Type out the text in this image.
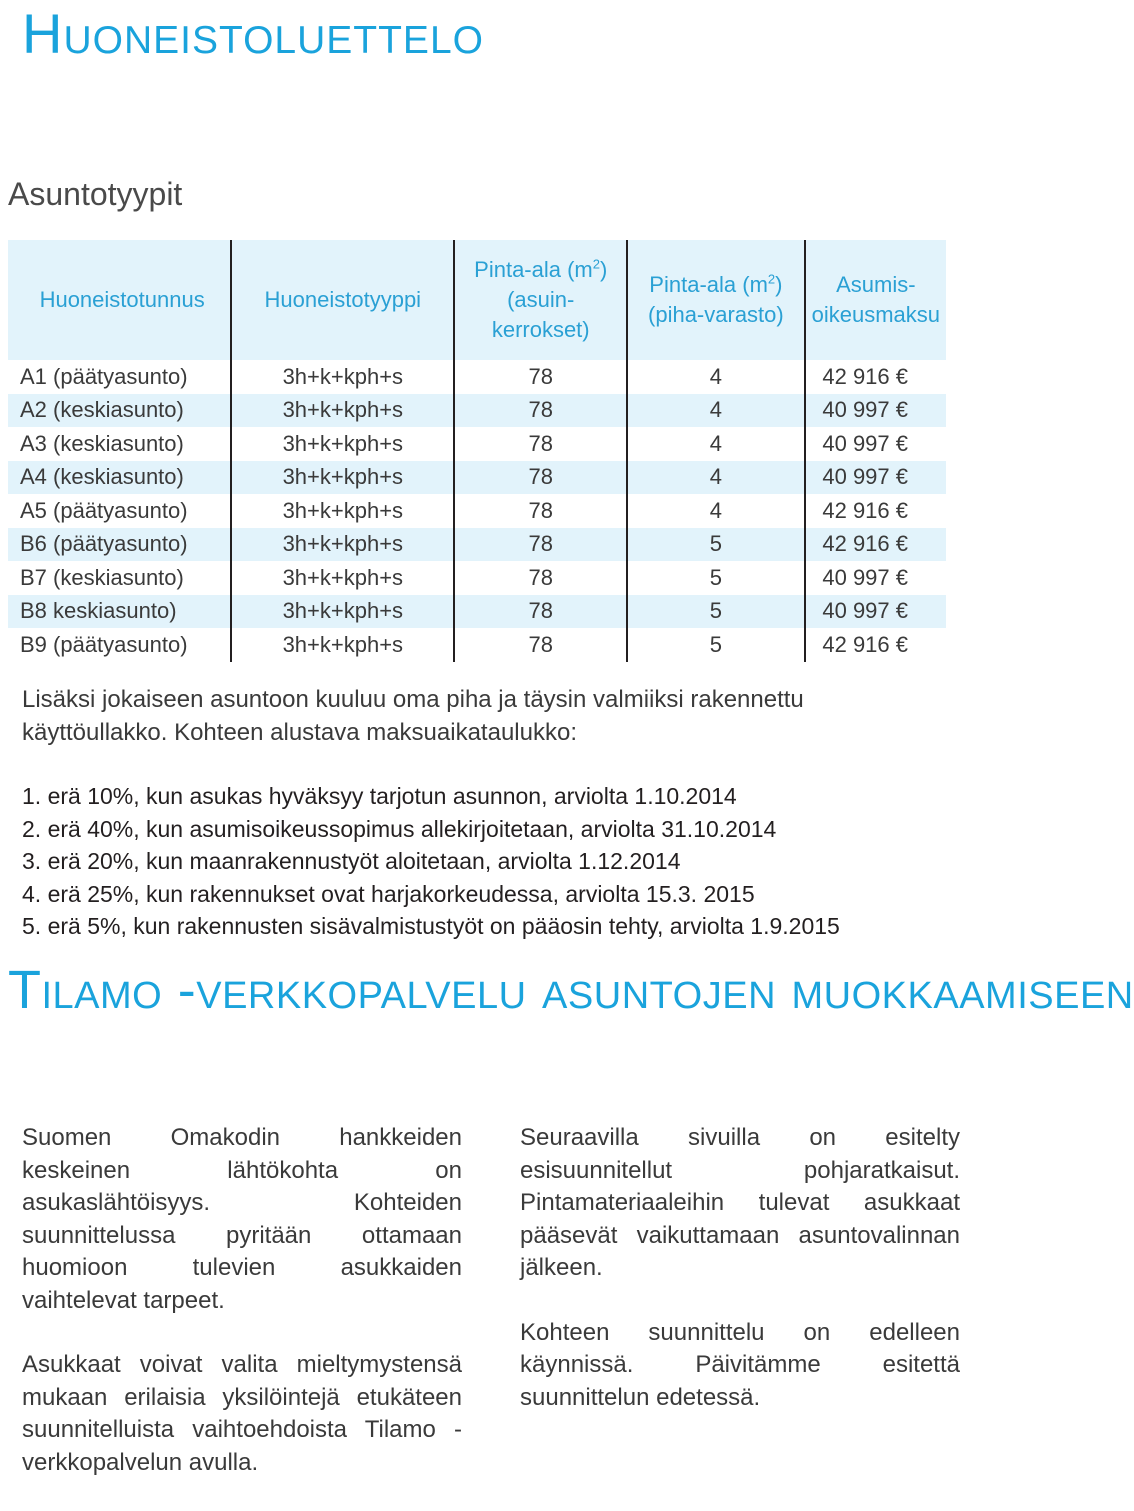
Huoneistoluettelo
Asuntotyypit
Huoneistotunnus	Huoneistotyyppi	Pinta-ala $(m^2)$ (asuin-kerrokset)	Pinta-ala $(m^2)$ (piha-varasto)	Asumis-oikeusmaksu
A1 (päätyasunto)	3h+k+kph+s	78	4	42 916 €
A2 (keskiasunto)	3h+k+kph+s	78	4	40 997 €
A3 (keskiasunto)	3h+k+kph+s	78	4	40 997 €
A4 (keskiasunto)	3h+k+kph+s	78	4	40 997 €
A5 (päätyasunto)	3h+k+kph+s	78	4	42 916 €
B6 (päätyasunto)	3h+k+kph+s	78	5	42 916 €
B7 (keskiasunto)	3h+k+kph+s	78	5	40 997 €
B8 keskiasunto)	3h+k+kph+s	78	5	40 997 €
B9 (päätyasunto)	3h+k+kph+s	78	5	42 916 €

Lisäksi jokaiseen asuntoon kuuluu oma piha ja täysin valmiiksi rakennettu käyttöullakko. Kohteen alustava maksuaikataulukko:

1. erä 10%, kun asukas hyväksyy tarjotun asunnon, arviolta 1.10.2014
2. erä 40%, kun asumisoikeussopimus allekirjoitetaan, arviolta 31.10.2014
3. erä 20%, kun maanrakennustyöt aloitetaan, arviolta 1.12.2014
4. erä 25%, kun rakennukset ovat harjakorkeudessa, arviolta 15.3. 2015
5. erä 5%, kun rakennusten sisävalmistustyöt on pääosin tehty, arviolta 1.9.2015
Tilamo -verkkopalvelu asuntojen muokkaamiseen

Suomen Omakodin hankkeiden keskeinen lähtökohta on asukaslähtöisyys. Kohteiden suunnittelussa pyritään ottamaan huomioon tulevien asukkaiden vaihtelevat tarpeet.

Asukkaat voivat valita mieltymystensä mukaan erilaisia yksilöintejä etukäteen suunnitelluista vaihtoehdoista Tilamo -verkkopalvelun avulla.

Seuraavilla sivuilla on esitelty esisuunnitellut pohjaratkaisut. Pintamateriaaleihin tulevat asukkaat pääsevät vaikuttamaan asuntovalinnan jälkeen.

Kohteen suunnittelu on edelleen käynnissä. Päivitämme esitettä suunnittelun edetessä.
